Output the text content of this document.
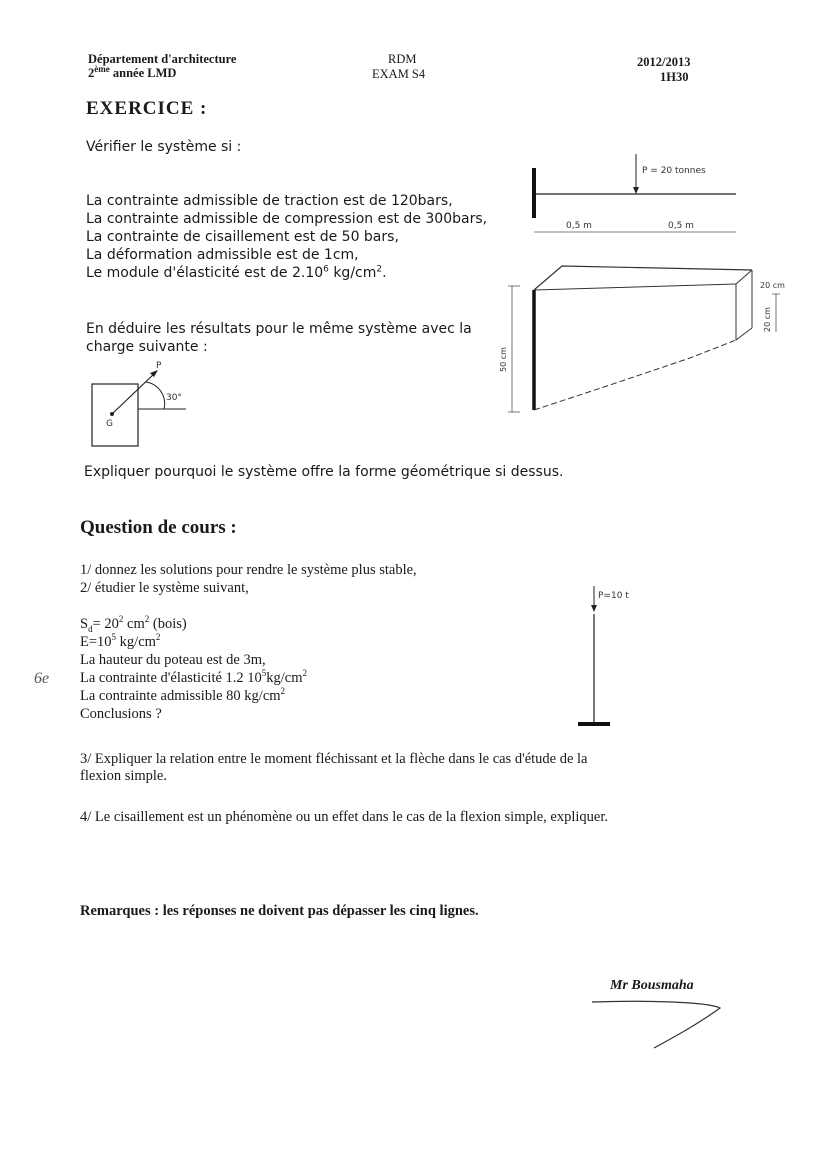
Département d'architecture
2ème année LMD
RDM
EXAM S4
2012/2013
1H30
EXERCICE :
Vérifier le système si :
La contrainte admissible de traction est de 120bars,
La contrainte admissible de compression est de 300bars,
La contrainte de cisaillement est de 50 bars,
La déformation admissible est de 1cm,
Le module d'élasticité est de 2.10$^6$ $kg/cm^2$.
En déduire les résultats pour le même système avec la
charge suivante :
P
30°
G
Expliquer pourquoi le système offre la forme géométrique si dessus.
P = 20 tonnes
0,5 m	0,5 m
50 cm
20 cm
20 cm
Question de cours :
1/ donnez les solutions pour rendre le système plus stable,
2/ étudier le système suivant,
$S_d= 20^2$ $cm^2$ (bois)
$E=10^5$ $kg/cm^2$
La hauteur du poteau est de 3m,
La contrainte d'élasticité 1.2 $10^5kg/cm^2$
La contrainte admissible 80 $kg/cm^2$
Conclusions ?
6e
P=10 t
3/ Expliquer la relation entre le moment fléchissant et la flèche dans le cas d'étude de la
flexion simple.
4/ Le cisaillement est un phénomène ou un effet dans le cas de la flexion simple, expliquer.
Remarques : les réponses ne doivent pas dépasser les cinq lignes.
Mr Bousmaha
